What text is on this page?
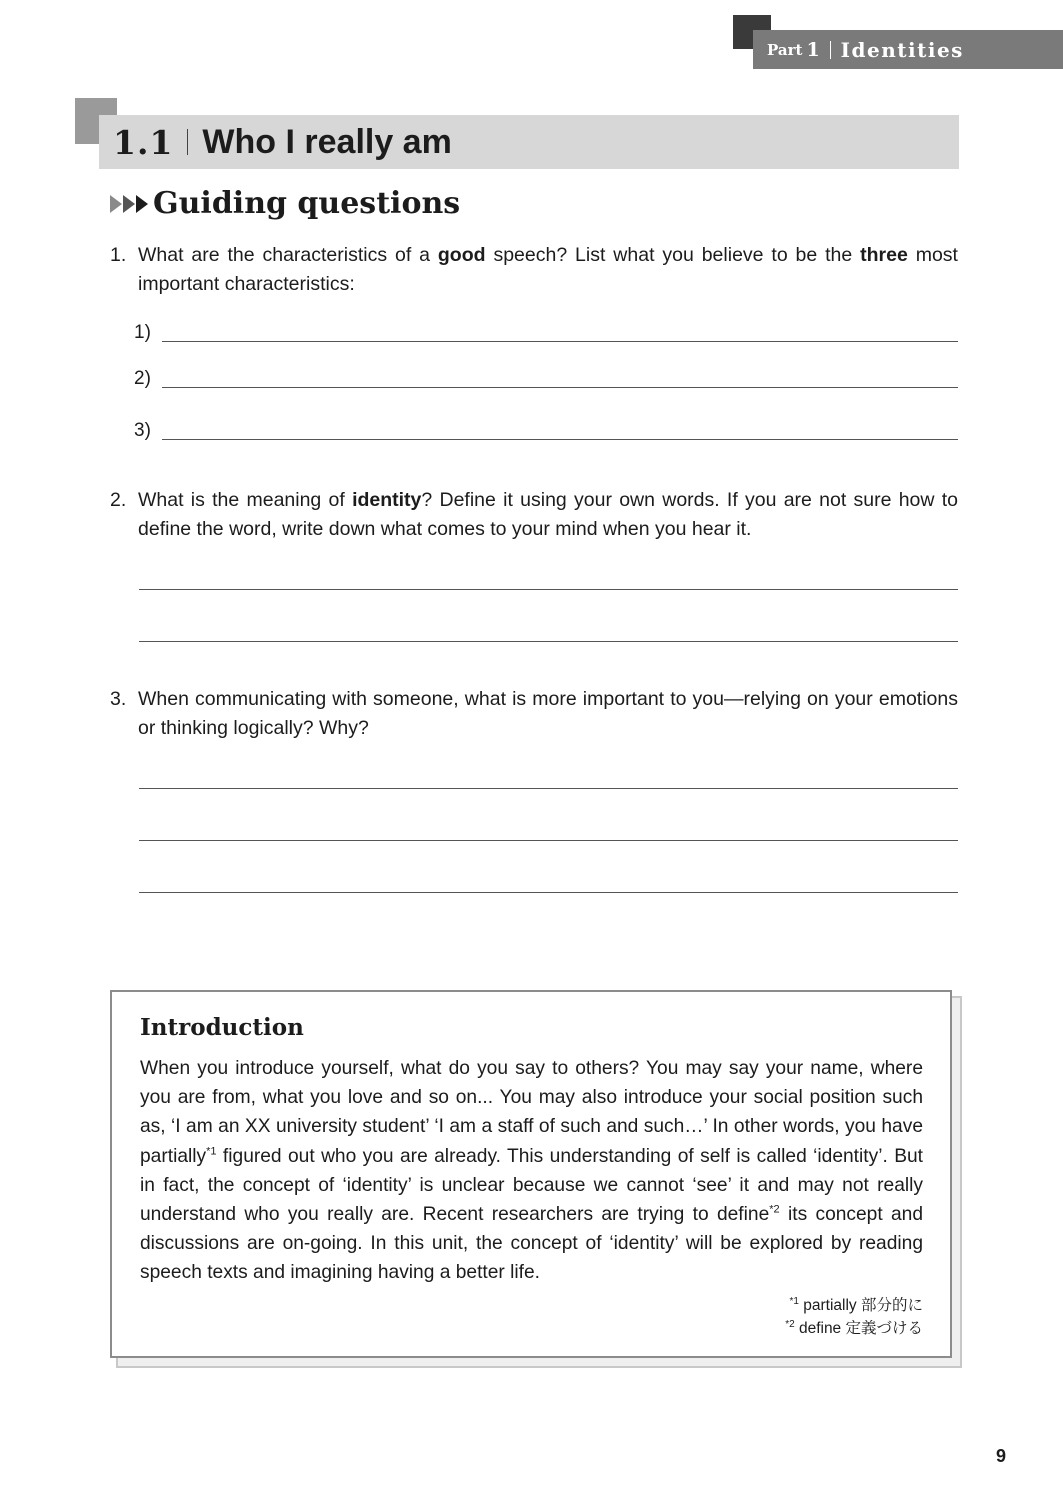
Part 1 Identities
1.1 Who I really am
Guiding questions
1. What are the characteristics of a good speech? List what you believe to be the three most important characteristics:
1)
2)
3)
2. What is the meaning of identity? Define it using your own words. If you are not sure how to define the word, write down what comes to your mind when you hear it.
3. When communicating with someone, what is more important to you—relying on your emotions or thinking logically? Why?
Introduction
When you introduce yourself, what do you say to others? You may say your name, where you are from, what you love and so on... You may also introduce your social position such as, ‘I am an XX university student’ ‘I am a staff of such and such…’ In other words, you have partially$^{*1}$ figured out who you are already. This understanding of self is called ‘identity’. But in fact, the concept of ‘identity’ is unclear because we cannot ‘see’ it and may not really understand who you really are. Recent researchers are trying to define$^{*2}$ its concept and discussions are on-going. In this unit, the concept of ‘identity’ will be explored by reading speech texts and imagining having a better life.
$^{*1}$ partially 部分的に
$^{*2}$ define 定義づける
9
